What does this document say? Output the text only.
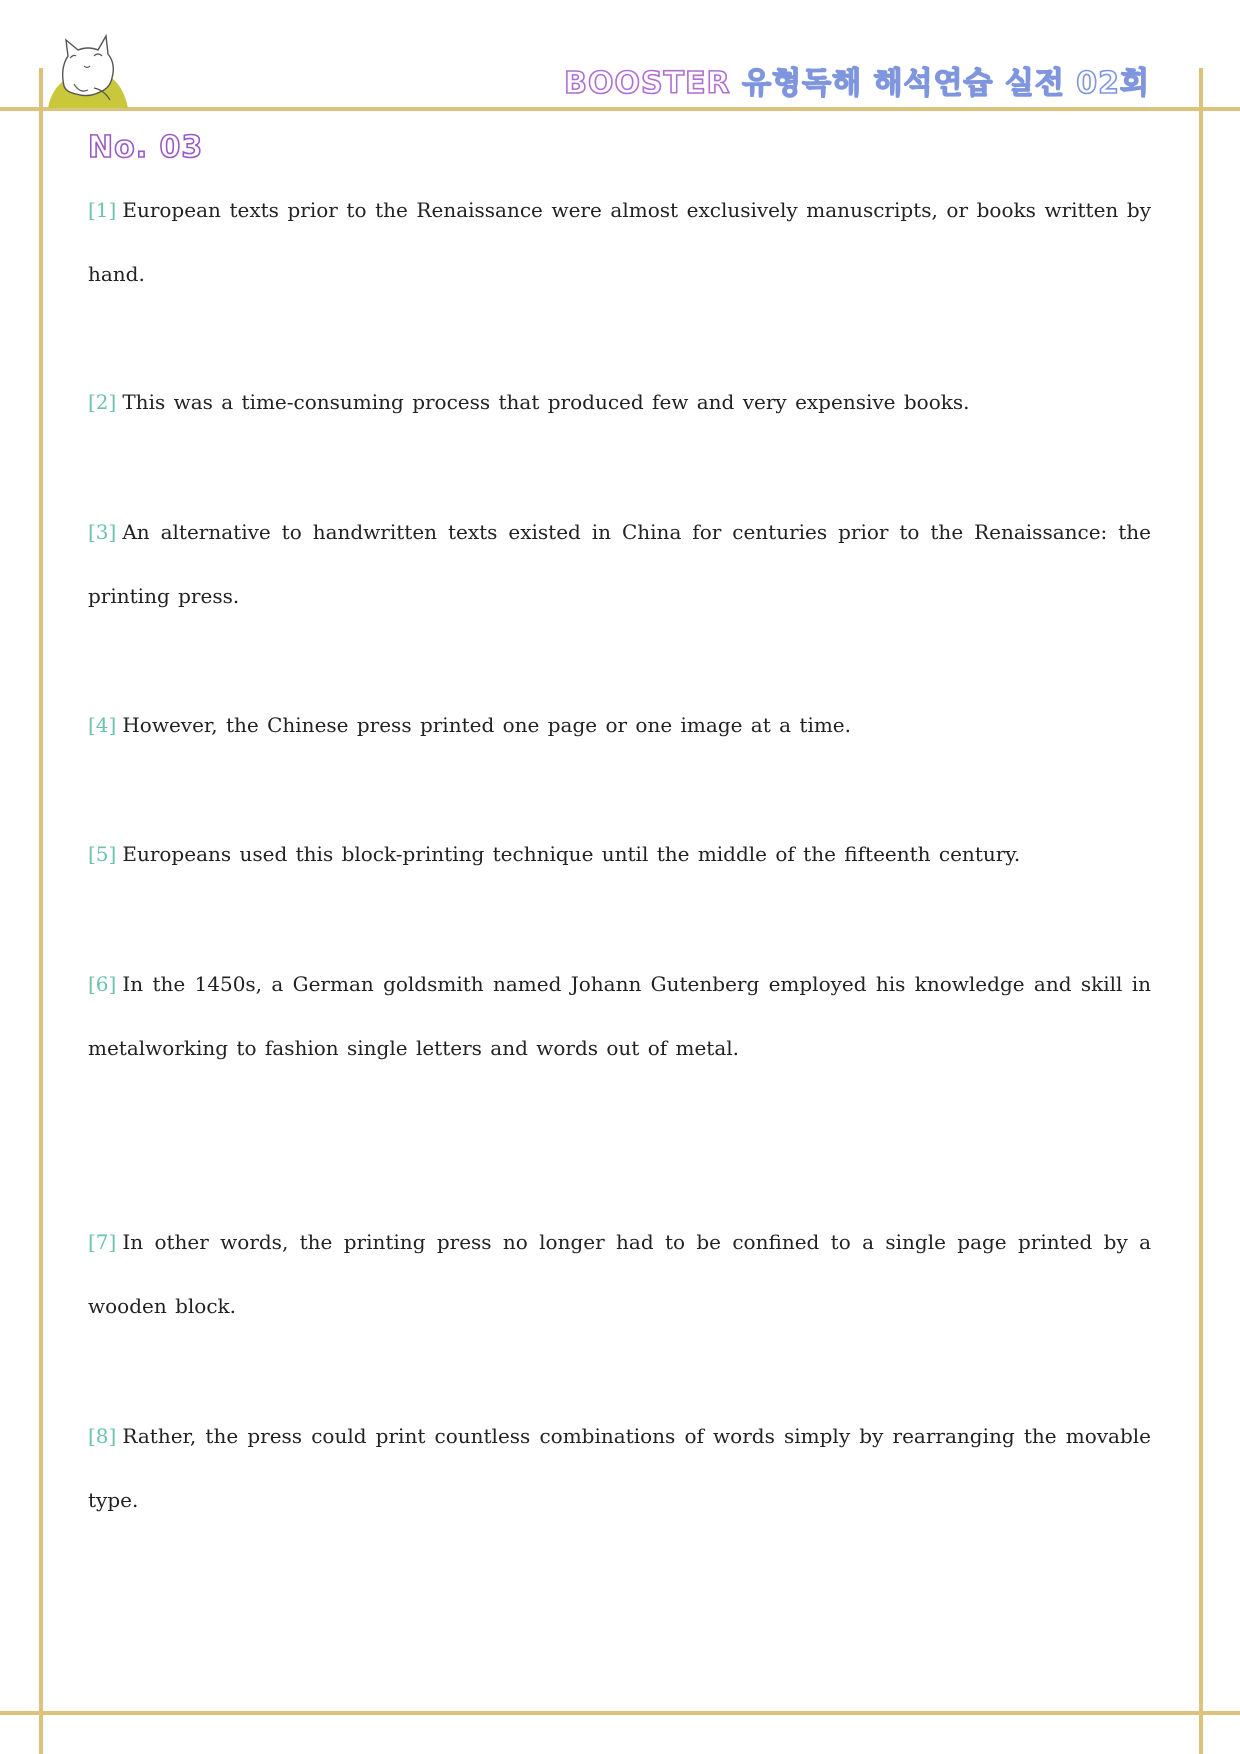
BOOSTER 유형독해 해석연습 실전 02회
No. 03
[1] European texts prior to the Renaissance were almost exclusively manuscripts, or books written by hand.
[2] This was a time-consuming process that produced few and very expensive books.
[3] An alternative to handwritten texts existed in China for centuries prior to the Renaissance: the printing press.
[4] However, the Chinese press printed one page or one image at a time.
[5] Europeans used this block-printing technique until the middle of the fifteenth century.
[6] In the 1450s, a German goldsmith named Johann Gutenberg employed his knowledge and skill in metalworking to fashion single letters and words out of metal.
[7] In other words, the printing press no longer had to be confined to a single page printed by a wooden block.
[8] Rather, the press could print countless combinations of words simply by rearranging the movable type.
